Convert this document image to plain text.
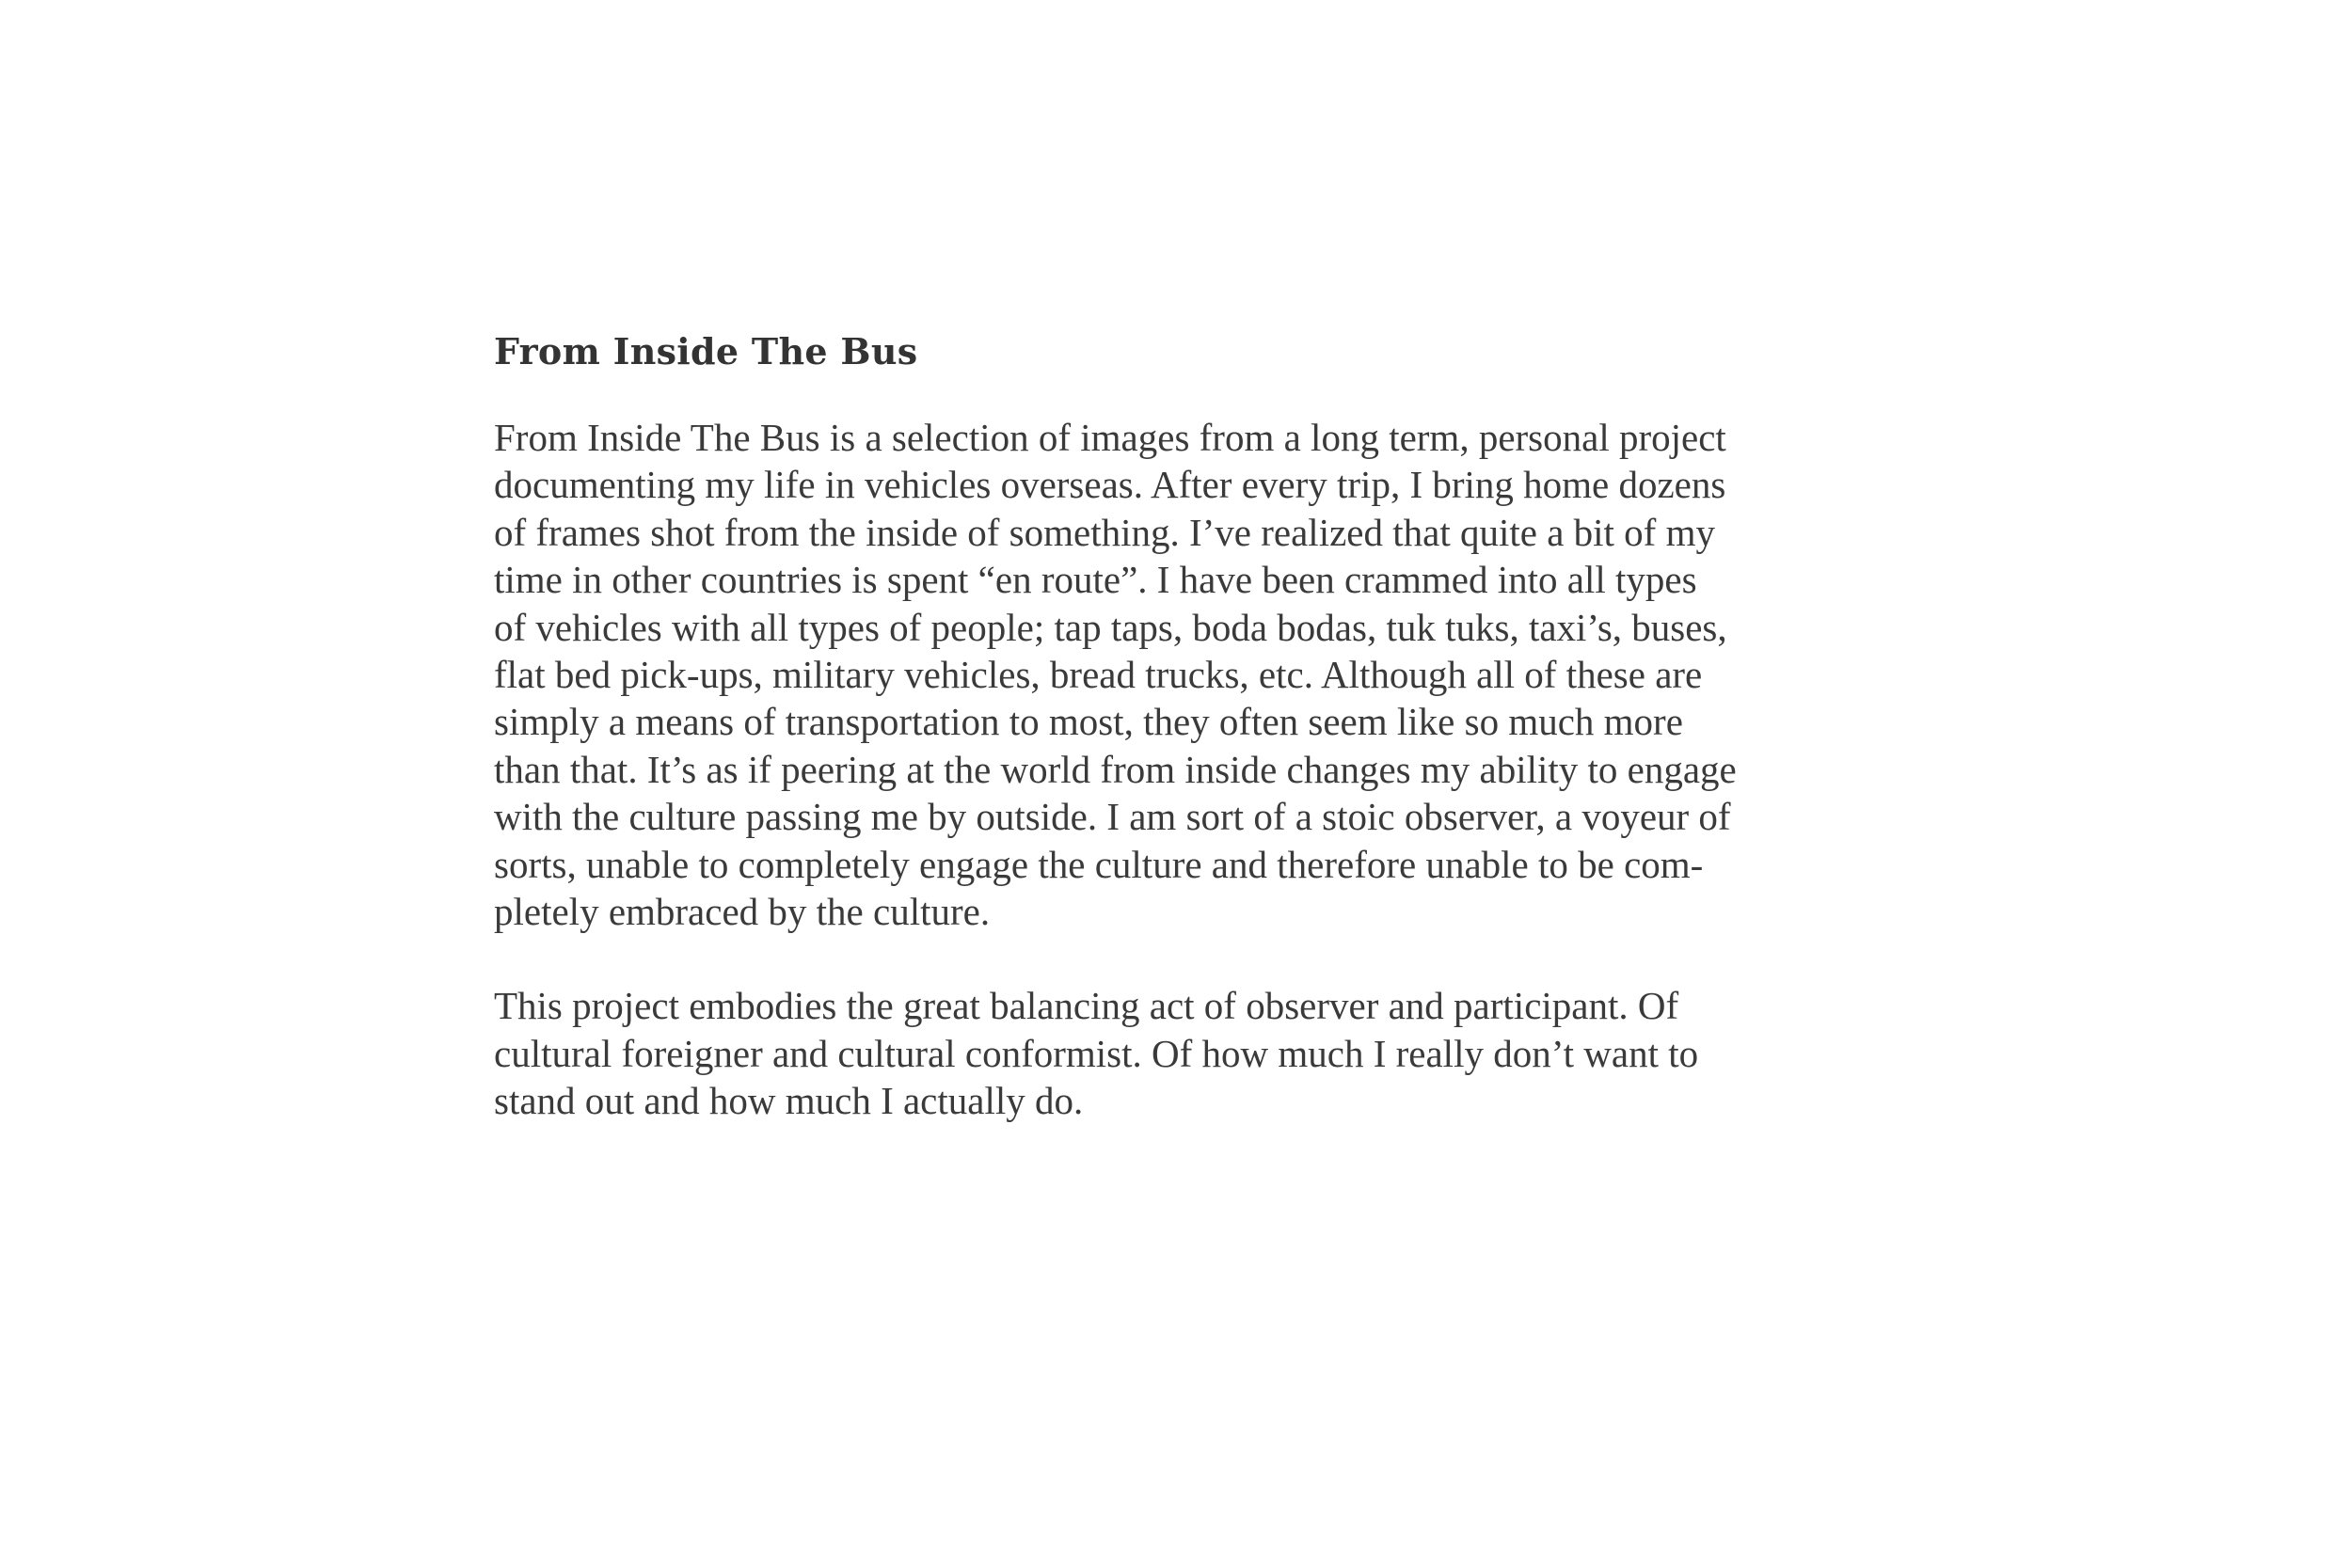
From Inside The Bus

From Inside The Bus is a selection of images from a long term, personal project
documenting my life in vehicles overseas. After every trip, I bring home dozens
of frames shot from the inside of something. I’ve realized that quite a bit of my
time in other countries is spent “en route”. I have been crammed into all types
of vehicles with all types of people; tap taps, boda bodas, tuk tuks, taxi’s, buses,
flat bed pick-ups, military vehicles, bread trucks, etc. Although all of these are
simply a means of transportation to most, they often seem like so much more
than that. It’s as if peering at the world from inside changes my ability to engage
with the culture passing me by outside. I am sort of a stoic observer, a voyeur of
sorts, unable to completely engage the culture and therefore unable to be com-
pletely embraced by the culture.

This project embodies the great balancing act of observer and participant. Of
cultural foreigner and cultural conformist. Of how much I really don’t want to
stand out and how much I actually do.
